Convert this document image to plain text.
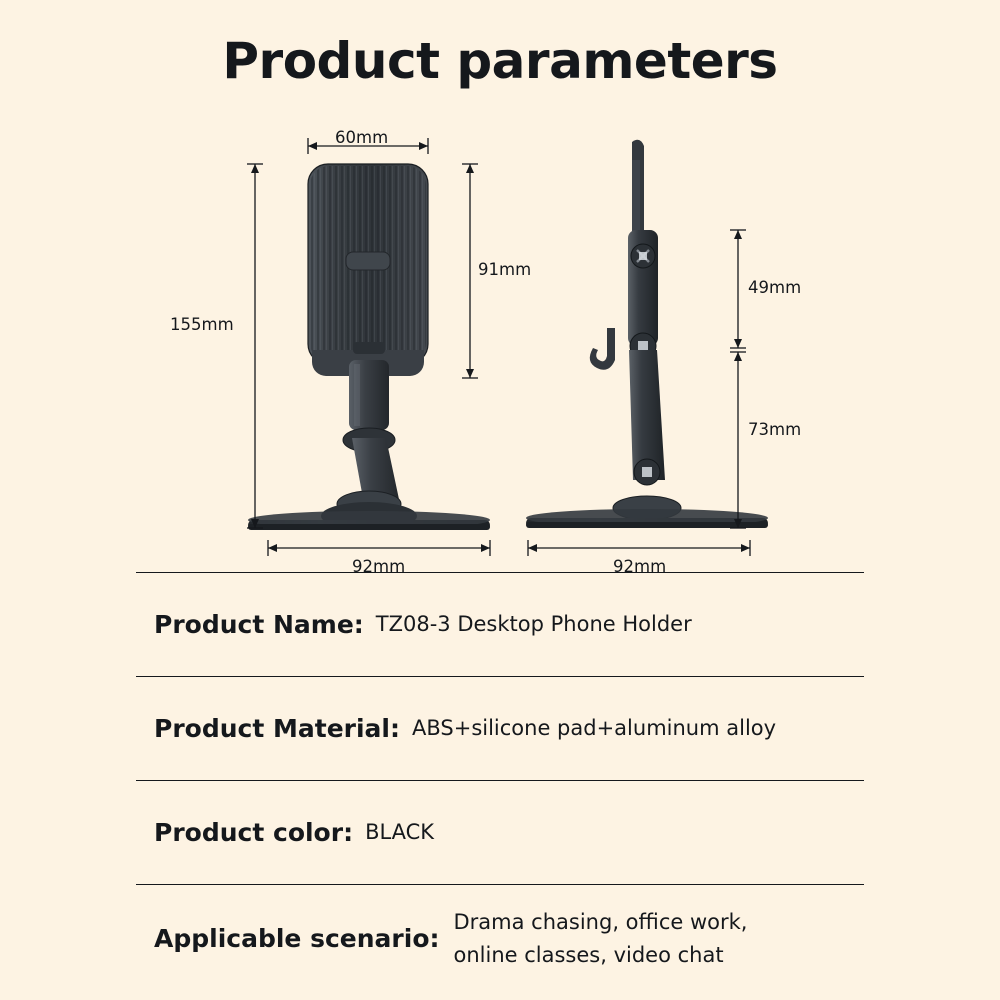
Product parameters
60mm
91mm
155mm
92mm
49mm
73mm
92mm
Product Name: TZ08-3 Desktop Phone Holder
Product Material: ABS+silicone pad+aluminum alloy
Product color: BLACK
Applicable scenario:
Drama chasing, office work,
online classes, video chat
